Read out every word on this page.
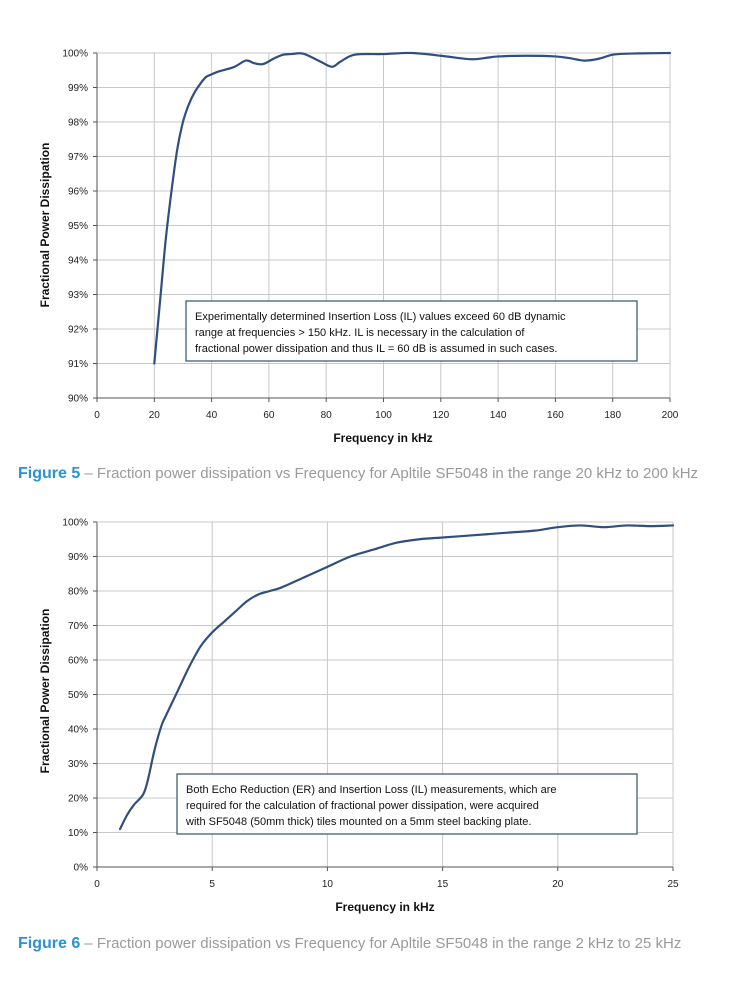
0	20	40	60	80	100	120	140	160	180	200
90%
91%
92%
93%
94%
95%
96%
97%
98%
99%
100%
Frequency in kHz
Fractional Power Dissipation
Experimentally determined Insertion Loss (IL) values exceed 60 dB dynamic
range at frequencies > 150 kHz. IL is necessary in the calculation of
fractional power dissipation and thus IL = 60 dB is assumed in such cases.
Figure 5 – Fraction power dissipation vs Frequency for Apltile SF5048 in the range 20 kHz to 200 kHz
0	5	10	15	20	25
0%
10%
20%
30%
40%
50%
60%
70%
80%
90%
100%
Frequency in kHz
Fractional Power Dissipation
Both Echo Reduction (ER) and Insertion Loss (IL) measurements, which are
required for the calculation of fractional power dissipation, were acquired
with SF5048 (50mm thick) tiles mounted on a 5mm steel backing plate.
Figure 6 – Fraction power dissipation vs Frequency for Apltile SF5048 in the range 2 kHz to 25 kHz
